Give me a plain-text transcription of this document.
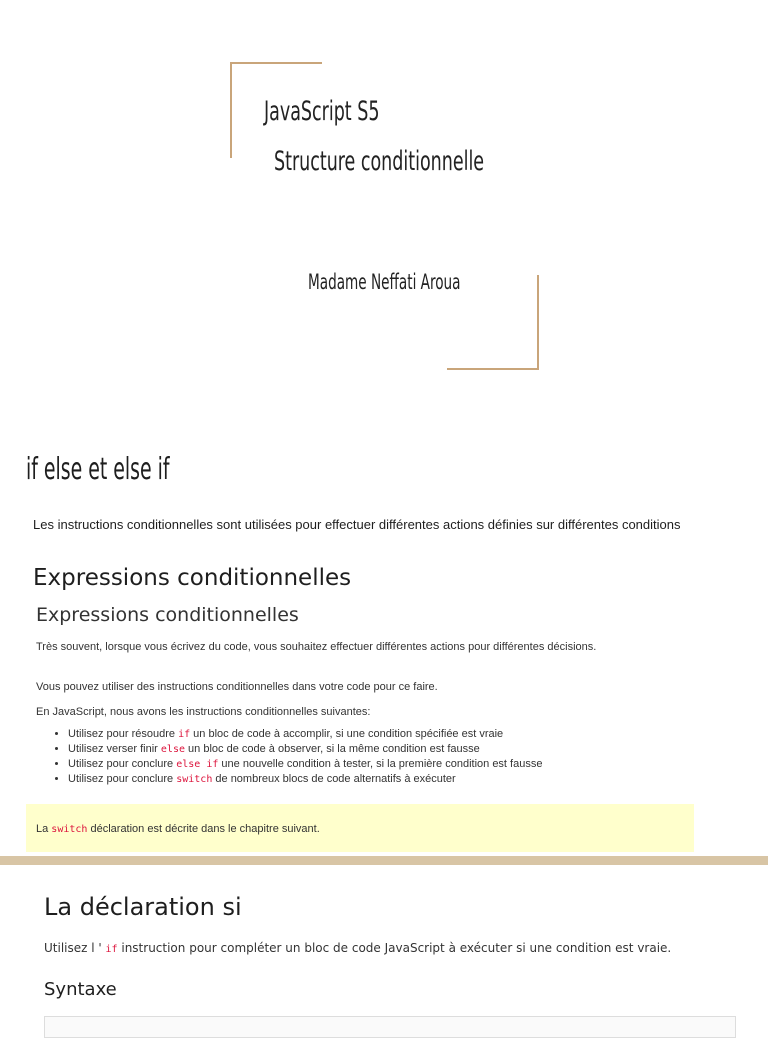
JavaScript S5
Structure conditionnelle
Madame Neffati Aroua
if else et else if
Les instructions conditionnelles sont utilisées pour effectuer différentes actions définies sur différentes conditions
Expressions conditionnelles
Expressions conditionnelles
Très souvent, lorsque vous écrivez du code, vous souhaitez effectuer différentes actions pour différentes décisions.
Vous pouvez utiliser des instructions conditionnelles dans votre code pour ce faire.
En JavaScript, nous avons les instructions conditionnelles suivantes:
• Utilisez pour résoudre if un bloc de code à accomplir, si une condition spécifiée est vraie
• Utilisez verser finir else un bloc de code à observer, si la même condition est fausse
• Utilisez pour conclure else if une nouvelle condition à tester, si la première condition est fausse
• Utilisez pour conclure switch de nombreux blocs de code alternatifs à exécuter
La switch déclaration est décrite dans le chapitre suivant.
La déclaration si
Utilisez l ' if instruction pour compléter un bloc de code JavaScript à exécuter si une condition est vraie.
Syntaxe
